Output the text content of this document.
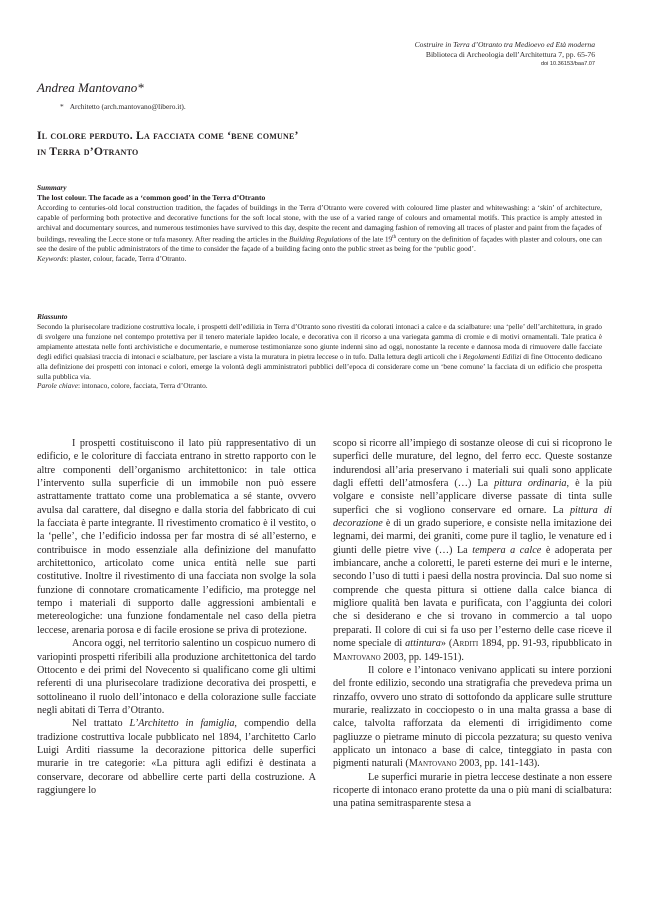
Costruire in Terra d’Otranto tra Medioevo ed Età moderna
Biblioteca di Archeologia dell’Architettura 7, pp. 65-76
doi 10.36153/baa7.07
Andrea Mantovano*
* Architetto (arch.mantovano@libero.it).
Il colore perduto. La facciata come ‘bene comune’
in Terra d’Otranto
Summary
The lost colour. The facade as a ‘common good’ in the Terra d’Otranto
According to centuries-old local construction tradition, the façades of buildings in the Terra d’Otranto were covered with coloured lime plaster and whitewashing: a ‘skin’ of architecture, capable of performing both protective and decorative functions for the soft local stone, with the use of a varied range of colours and ornamental motifs. This practice is amply attested in archival and documentary sources, and numerous testimonies have survived to this day, despite the recent and damaging fashion of removing all traces of plaster and paint from the façades of buildings, revealing the Lecce stone or tufa masonry. After reading the articles in the Building Regulations of the late 19th century on the definition of façades with plaster and colours, one can see the desire of the public administrators of the time to consider the façade of a building facing onto the public street as being for the ‘public good’.
Keywords: plaster, colour, facade, Terra d’Otranto.
Riassunto
Secondo la plurisecolare tradizione costruttiva locale, i prospetti dell’edilizia in Terra d’Otranto sono rivestiti da colorati intonaci a calce e da scialbature: una ‘pelle’ dell’architettura, in grado di svolgere una funzione nel contempo protettiva per il tenero materiale lapideo locale, e decorativa con il ricorso a una variegata gamma di cromie e di motivi ornamentali. Tale pratica è ampiamente attestata nelle fonti archivistiche e documentarie, e numerose testimonianze sono giunte indenni sino ad oggi, nonostante la recente e dannosa moda di rimuovere dalle facciate degli edifici qualsiasi traccia di intonaci e scialbature, per lasciare a vista la muratura in pietra leccese o in tufo. Dalla lettura degli articoli che i Regolamenti Edilizi di fine Ottocento dedicano alla definizione dei prospetti con intonaci e colori, emerge la volontà degli amministratori pubblici dell’epoca di considerare come un ‘bene comune’ la facciata di un edificio che prospetta sulla pubblica via.
Parole chiave: intonaco, colore, facciata, Terra d’Otranto.

I prospetti costituiscono il lato più rappresentativo di un edificio, e le coloriture di facciata entrano in stretto rapporto con le altre componenti dell’organismo architettonico: in tale ottica l’intervento sulla superficie di un immobile non può essere astrattamente trattato come una problematica a sé stante, ovvero avulsa dal carattere, dal disegno e dalla storia del fabbricato di cui la facciata è parte integrante. Il rivestimento cromatico è il vestito, o la ‘pelle’, che l’edificio indossa per far mostra di sé all’esterno, e contribuisce in modo essenziale alla definizione del manufatto architettonico, articolato come unica entità nelle sue parti costitutive. Inoltre il rivestimento di una facciata non svolge la sola funzione di connotare cromaticamente l’edificio, ma protegge nel tempo i materiali di supporto dalle aggressioni ambientali e metereologiche: una funzione fondamentale nel caso della pietra leccese, arenaria porosa e di facile erosione se priva di protezione.

Ancora oggi, nel territorio salentino un cospicuo numero di variopinti prospetti riferibili alla produzione architettonica del tardo Ottocento e dei primi del Novecento si qualificano come gli ultimi referenti di una plurisecolare tradizione decorativa dei prospetti, e sottolineano il ruolo dell’intonaco e della colorazione sulle facciate negli abitati di Terra d’Otranto.

Nel trattato L’Architetto in famiglia, compendio della tradizione costruttiva locale pubblicato nel 1894, l’architetto Carlo Luigi Arditi riassume la decorazione pittorica delle superfici murarie in tre categorie: «La pittura agli edifizi è destinata a conservare, decorare od abbellire certe parti della costruzione. A raggiungere lo

scopo si ricorre all’impiego di sostanze oleose di cui si ricoprono le superfici delle murature, del legno, del ferro ecc. Queste sostanze indurendosi all’aria preservano i materiali sui quali sono applicate dagli effetti dell’atmosfera (…) La pittura ordinaria, è la più volgare e consiste nell’applicare diverse passate di tinta sulle superfici che si vogliono conservare ed ornare. La pittura di decorazione è di un grado superiore, e consiste nella imitazione dei legnami, dei marmi, dei graniti, come pure il taglio, le venature ed i giunti delle pietre vive (…) La tempera a calce è adoperata per imbiancare, anche a coloretti, le pareti esterne dei muri e le interne, secondo l’uso di tutti i paesi della nostra provincia. Dal suo nome si comprende che questa pittura si ottiene dalla calce bianca di migliore qualità ben lavata e purificata, con l’aggiunta dei colori che si desiderano e che si trovano in commercio a tal uopo preparati. Il colore di cui si fa uso per l’esterno delle case riceve il nome speciale di attintura» (Arditi 1894, pp. 91-93, ripubblicato in Mantovano 2003, pp. 149-151).

Il colore e l’intonaco venivano applicati su intere porzioni del fronte edilizio, secondo una stratigrafia che prevedeva prima un rinzaffo, ovvero uno strato di sottofondo da applicare sulle strutture murarie, realizzato in cocciopesto o in una malta grassa a base di calce, talvolta rafforzata da elementi di irrigidimento come pagliuzze o pietrame minuto di piccola pezzatura; su questo veniva applicato un intonaco a base di calce, tinteggiato in pasta con pigmenti naturali (Mantovano 2003, pp. 141-143).

Le superfici murarie in pietra leccese destinate a non essere ricoperte di intonaco erano protette da una o più mani di scialbatura: una patina semitrasparente stesa a
